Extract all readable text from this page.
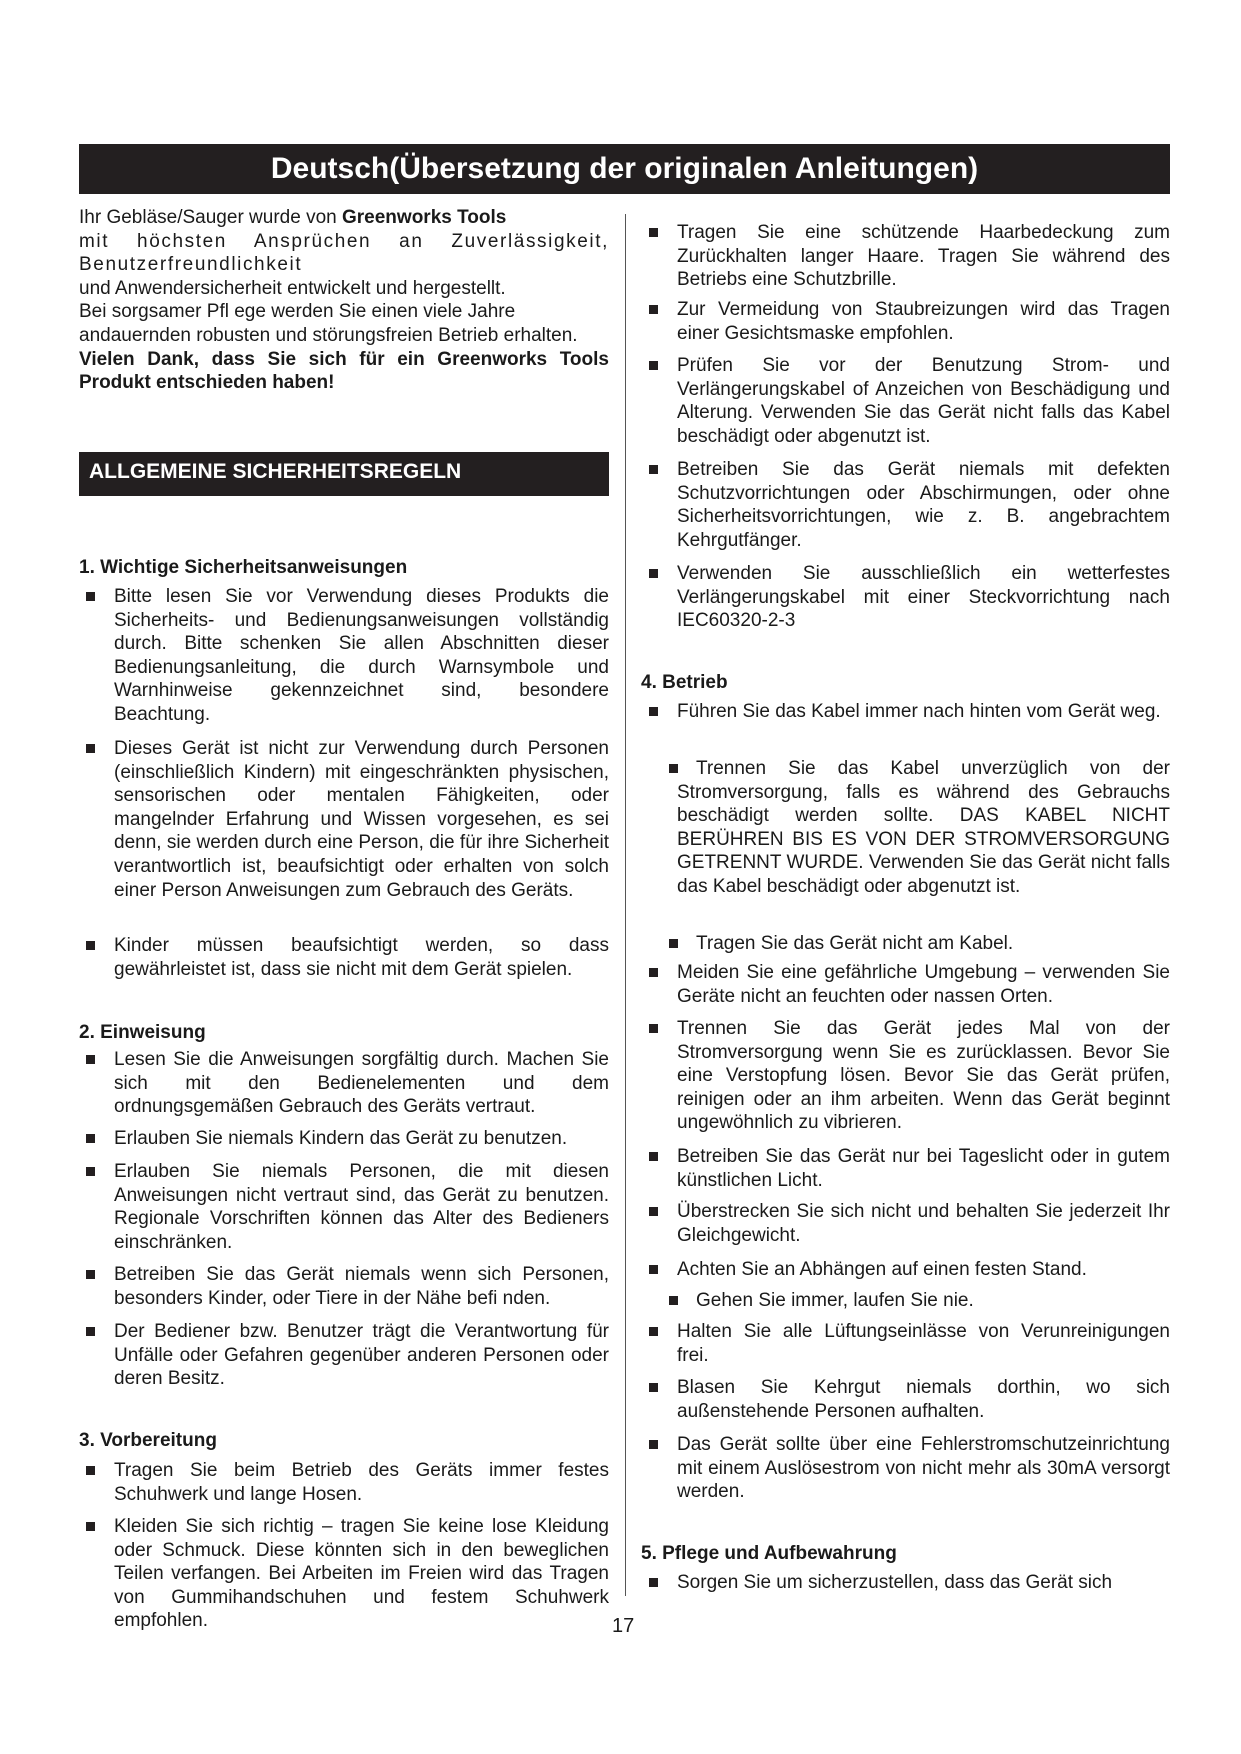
Deutsch(Übersetzung der originalen Anleitungen)

Ihr Gebläse/Sauger wurde von Greenworks Tools

mit höchsten Ansprüchen an Zuverlässigkeit, Benutzerfreundlichkeit

und Anwendersicherheit entwickelt und hergestellt.

Bei sorgsamer Pfl ege werden Sie einen viele Jahre

andauernden robusten und störungsfreien Betrieb erhalten.

Vielen Dank, dass Sie sich für ein Greenworks Tools Produkt entschieden haben!

ALLGEMEINE SICHERHEITSREGELN
1. Wichtige Sicherheitsanweisungen
2. Einweisung
3. Vorbereitung
4. Betrieb
5. Pflege und Aufbewahrung
Bitte lesen Sie vor Verwendung dieses Produkts die Sicherheits- und Bedienungsanweisungen vollständig durch. Bitte schenken Sie allen Abschnitten dieser Bedienungsanleitung, die durch Warnsymbole und Warnhinweise gekennzeichnet sind, besondere Beachtung.
Dieses Gerät ist nicht zur Verwendung durch Personen (einschließlich Kindern) mit eingeschränkten physischen, sensorischen oder mentalen Fähigkeiten, oder mangelnder Erfahrung und Wissen vorgesehen, es sei denn, sie werden durch eine Person, die für ihre Sicherheit verantwortlich ist, beaufsichtigt oder erhalten von solch einer Person Anweisungen zum Gebrauch des Geräts.
Kinder müssen beaufsichtigt werden, so dass gewährleistet ist, dass sie nicht mit dem Gerät spielen.
Lesen Sie die Anweisungen sorgfältig durch. Machen Sie sich mit den Bedienelementen und dem ordnungsgemäßen Gebrauch des Geräts vertraut.
Erlauben Sie niemals Kindern das Gerät zu benutzen.
Erlauben Sie niemals Personen, die mit diesen Anweisungen nicht vertraut sind, das Gerät zu benutzen. Regionale Vorschriften können das Alter des Bedieners einschränken.
Betreiben Sie das Gerät niemals wenn sich Personen, besonders Kinder, oder Tiere in der Nähe befi nden.
Der Bediener bzw. Benutzer trägt die Verantwortung für Unfälle oder Gefahren gegenüber anderen Personen oder deren Besitz.
Tragen Sie beim Betrieb des Geräts immer festes Schuhwerk und lange Hosen.
Kleiden Sie sich richtig – tragen Sie keine lose Kleidung oder Schmuck. Diese könnten sich in den beweglichen Teilen verfangen. Bei Arbeiten im Freien wird das Tragen von Gummihandschuhen und festem Schuhwerk empfohlen.
Tragen Sie eine schützende Haarbedeckung zum Zurückhalten langer Haare. Tragen Sie während des Betriebs eine Schutzbrille.
Zur Vermeidung von Staubreizungen wird das Tragen einer Gesichtsmaske empfohlen.
Prüfen Sie vor der Benutzung Strom- und Verlängerungskabel of Anzeichen von Beschädigung und Alterung. Verwenden Sie das Gerät nicht falls das Kabel beschädigt oder abgenutzt ist.
Betreiben Sie das Gerät niemals mit defekten Schutzvorrichtungen oder Abschirmungen, oder ohne Sicherheitsvorrichtungen, wie z. B. angebrachtem Kehrgutfänger.
Verwenden Sie ausschließlich ein wetterfestes Verlängerungskabel mit einer Steckvorrichtung nach IEC60320-2-3
Führen Sie das Kabel immer nach hinten vom Gerät weg.
Trennen Sie das Kabel unverzüglich von der Stromversorgung, falls es während des Gebrauchs beschädigt werden sollte. DAS KABEL NICHT BERÜHREN BIS ES VON DER STROMVERSORGUNG GETRENNT WURDE. Verwenden Sie das Gerät nicht falls das Kabel beschädigt oder abgenutzt ist.
Tragen Sie das Gerät nicht am Kabel.
Meiden Sie eine gefährliche Umgebung – verwenden Sie Geräte nicht an feuchten oder nassen Orten.
Trennen Sie das Gerät jedes Mal von der Stromversorgung wenn Sie es zurücklassen. Bevor Sie eine Verstopfung lösen. Bevor Sie das Gerät prüfen, reinigen oder an ihm arbeiten. Wenn das Gerät beginnt ungewöhnlich zu vibrieren.
Betreiben Sie das Gerät nur bei Tageslicht oder in gutem künstlichen Licht.
Überstrecken Sie sich nicht und behalten Sie jederzeit Ihr Gleichgewicht.
Achten Sie an Abhängen auf einen festen Stand.
Gehen Sie immer, laufen Sie nie.
Halten Sie alle Lüftungseinlässe von Verunreinigungen frei.
Blasen Sie Kehrgut niemals dorthin, wo sich außenstehende Personen aufhalten.
Das Gerät sollte über eine Fehlerstromschutzeinrichtung mit einem Auslösestrom von nicht mehr als 30mA versorgt werden.
Sorgen Sie um sicherzustellen, dass das Gerät sich
17
